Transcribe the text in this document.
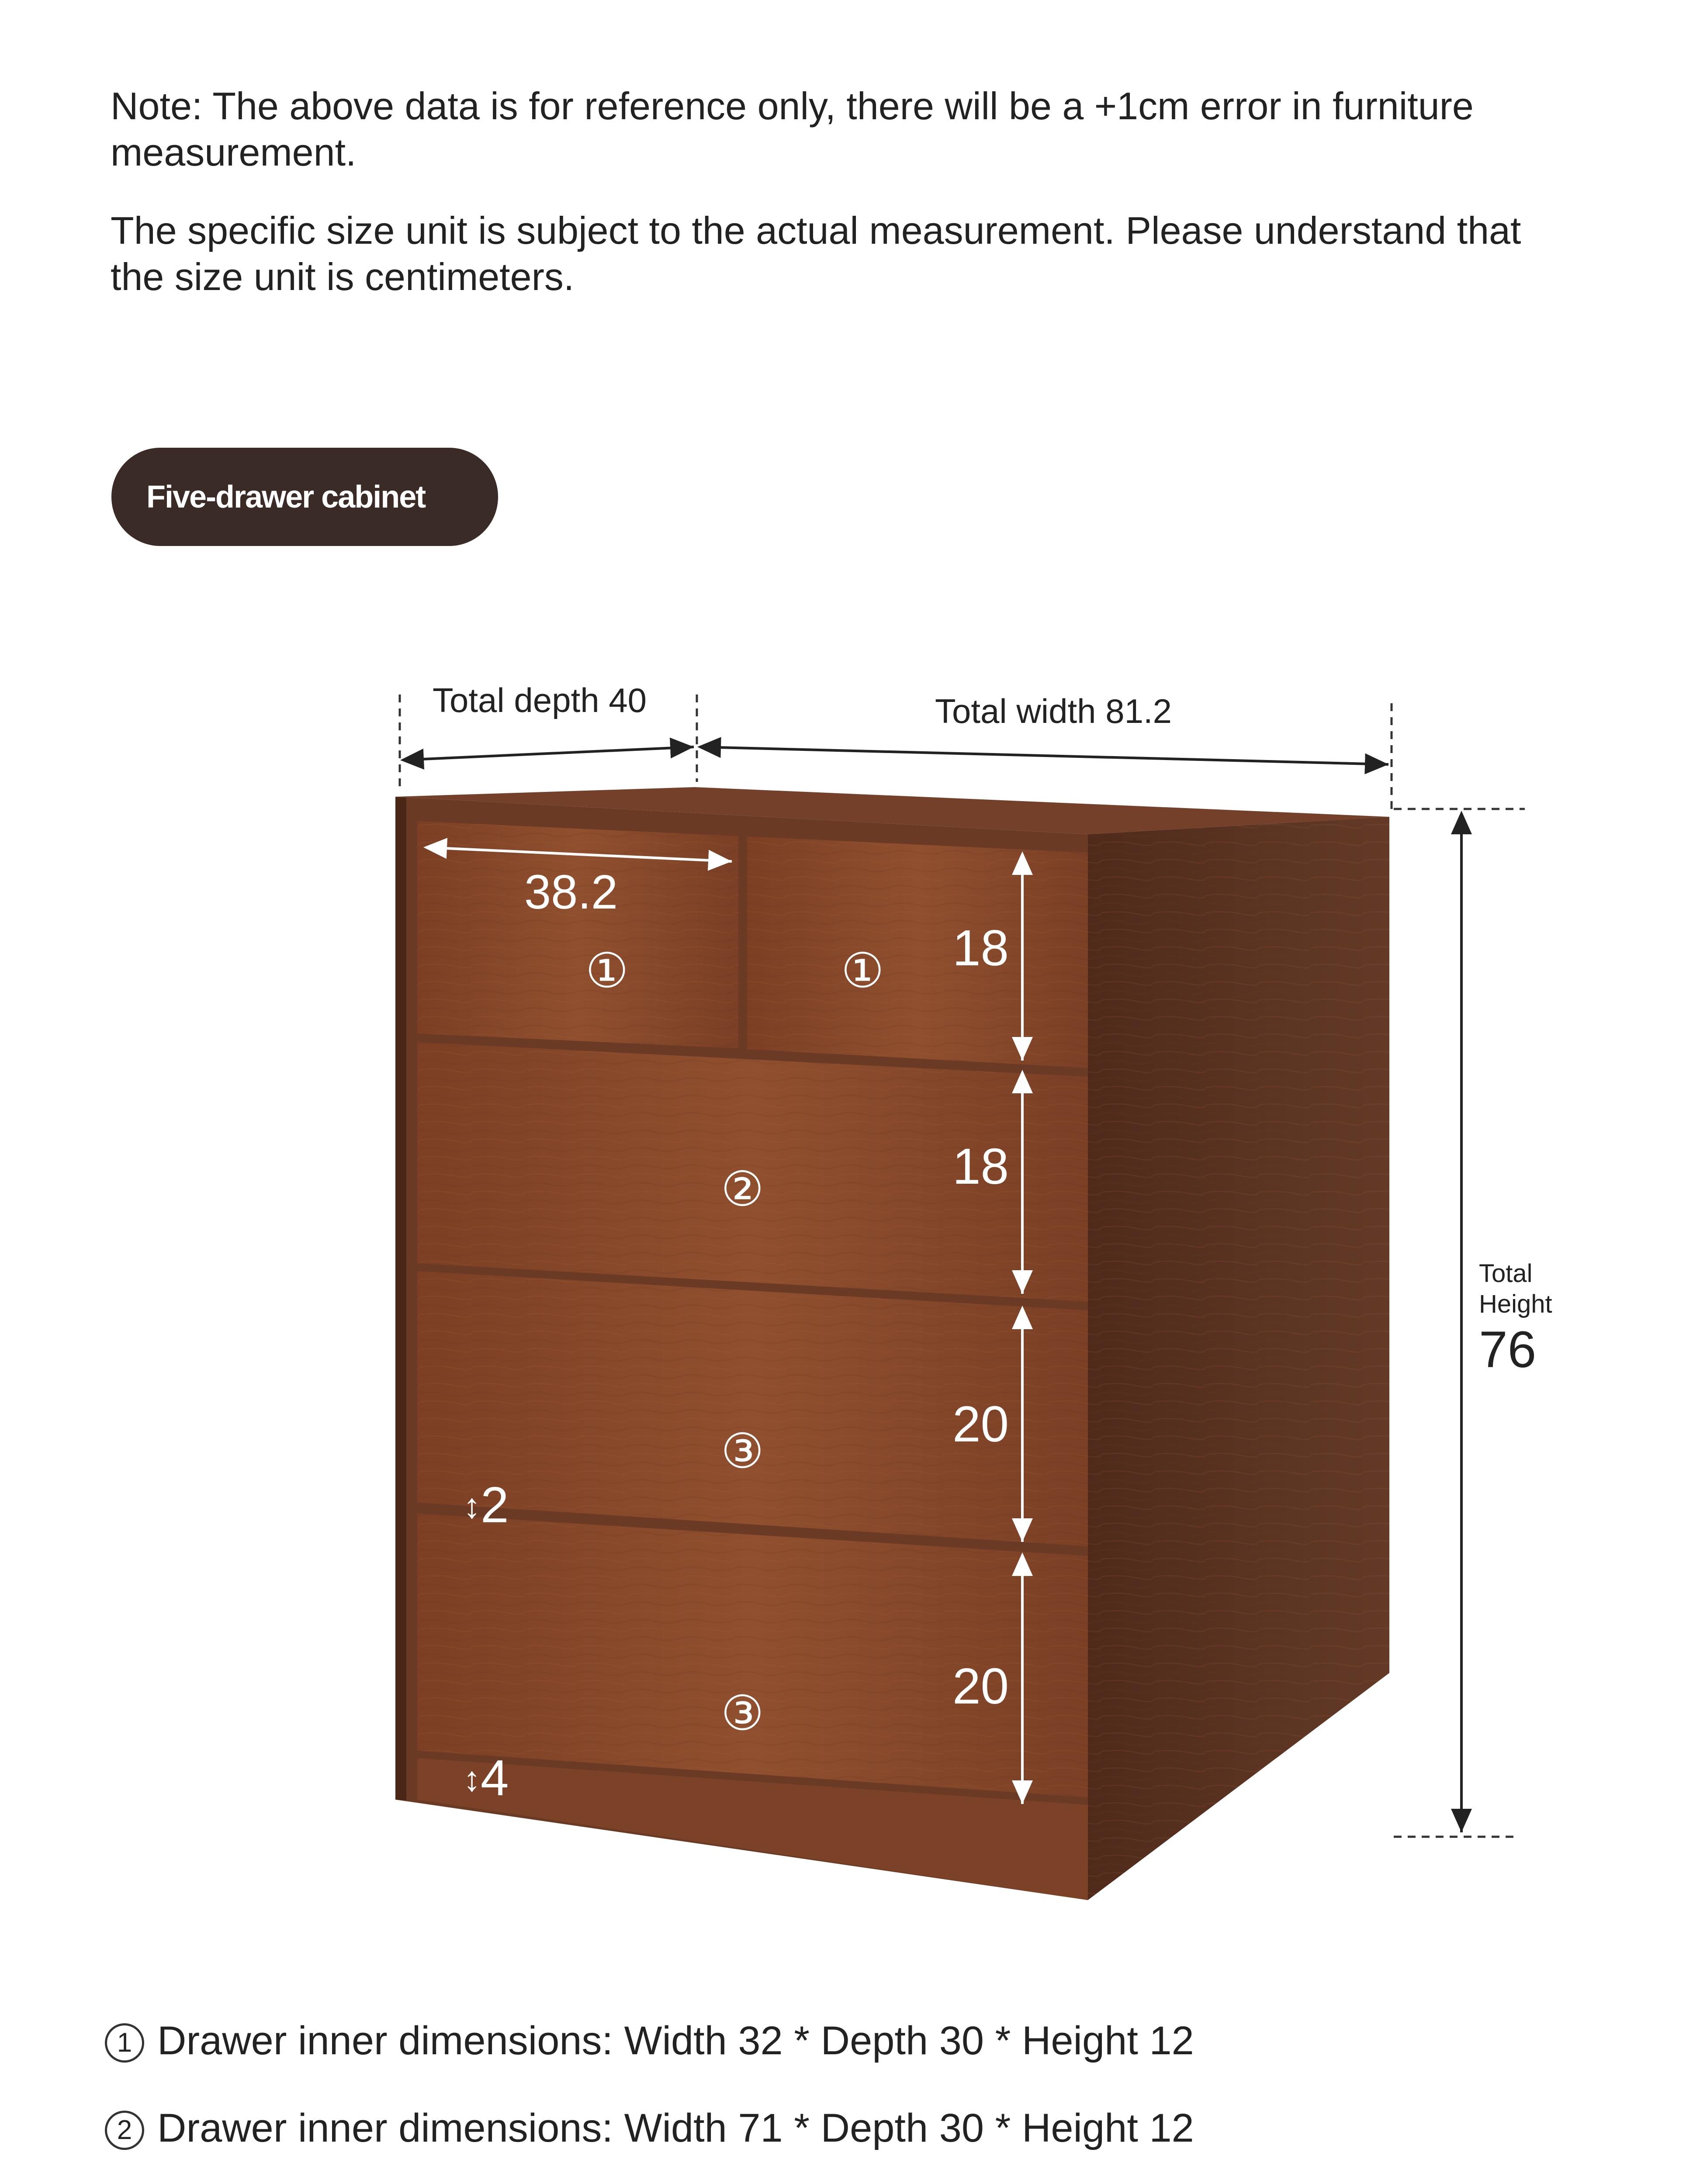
Note: The above data is for reference only, there will be a +1cm error in furniture measurement.

The specific size unit is subject to the actual measurement. Please understand that the size unit is centimeters.

Five-drawer cabinet
Total depth 40	Total width 81.2
Total
Height
76
38.2
18
18
20
20
①	①
②
③
③
↕ 2
↕ 4
1 Drawer inner dimensions: Width 32 * Depth 30 * Height 12
2 Drawer inner dimensions: Width 71 * Depth 30 * Height 12
